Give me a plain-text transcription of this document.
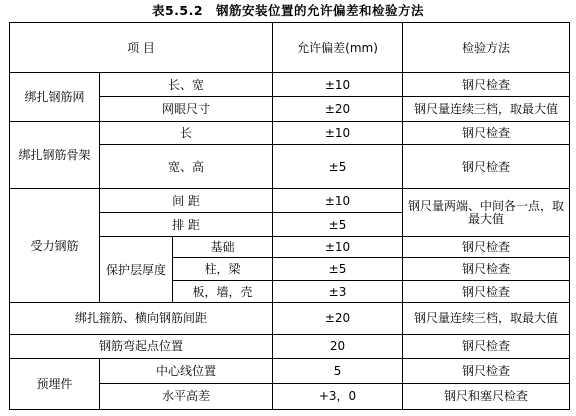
表5.5.2　钢筋安装位置的允许偏差和检验方法
项 目			允许偏差(mm)	检验方法
绑扎钢筋网	长、宽		±10	钢尺检查
	网眼尺寸		±20	钢尺量连续三档，取最大值
绑扎钢筋骨架	长		±10	钢尺检查
	宽、高		±5	钢尺检查
受力钢筋	间 距		±10	钢尺量两端、中间各一点，取最大值
	排 距		±5	
	保护层厚度	基础	±10	钢尺检查
		柱，梁	±5	钢尺检查
		板，墙，壳	±3	钢尺检查
绑扎箍筋、横向钢筋间距			±20	钢尺量连续三档，取最大值
钢筋弯起点位置			20	钢尺检查
预埋件	中心线位置		5	钢尺检查
	水平高差		+3，0	钢尺和塞尺检查
